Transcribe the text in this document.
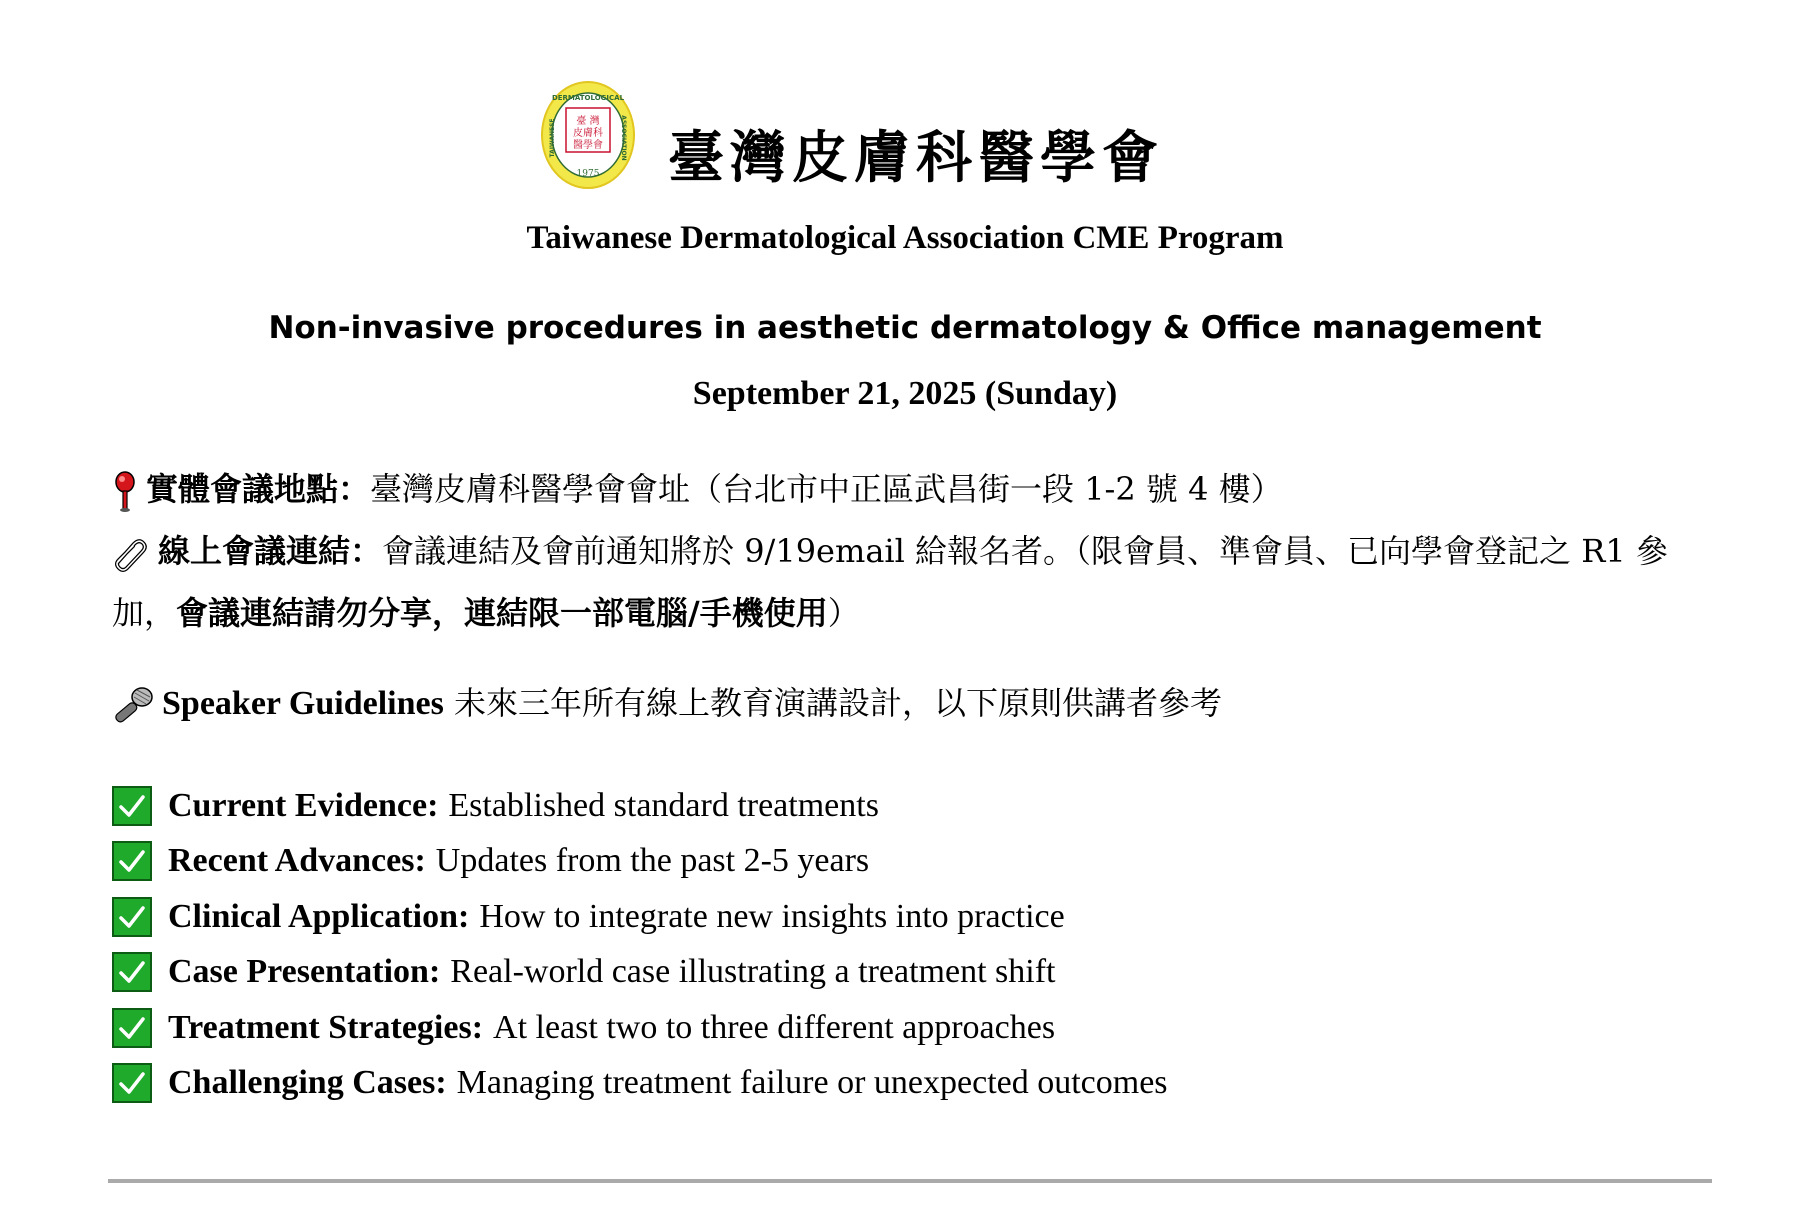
DERMATOLOGICAL
1975
TAIWANESE	ASSOCIATION
臺 灣
皮膚科
醫學會 臺灣皮膚科醫學會
Taiwanese Dermatological Association CME Program
Non-invasive procedures in aesthetic dermatology & Office management
September 21, 2025 (Sunday)
實體會議地點：臺灣皮膚科醫學會會址（台北市中正區武昌街一段 1-2 號 4 樓）
線上會議連結：會議連結及會前通知將於 9/19email 給報名者。（限會員、準會員、已向學會登記之 R1 參加，會議連結請勿分享，連結限一部電腦/手機使用）
Speaker Guidelines 未來三年所有線上教育演講設計，以下原則供講者參考
Current Evidence: Established standard treatments
Recent Advances: Updates from the past 2-5 years
Clinical Application: How to integrate new insights into practice
Case Presentation: Real-world case illustrating a treatment shift
Treatment Strategies: At least two to three different approaches
Challenging Cases: Managing treatment failure or unexpected outcomes
